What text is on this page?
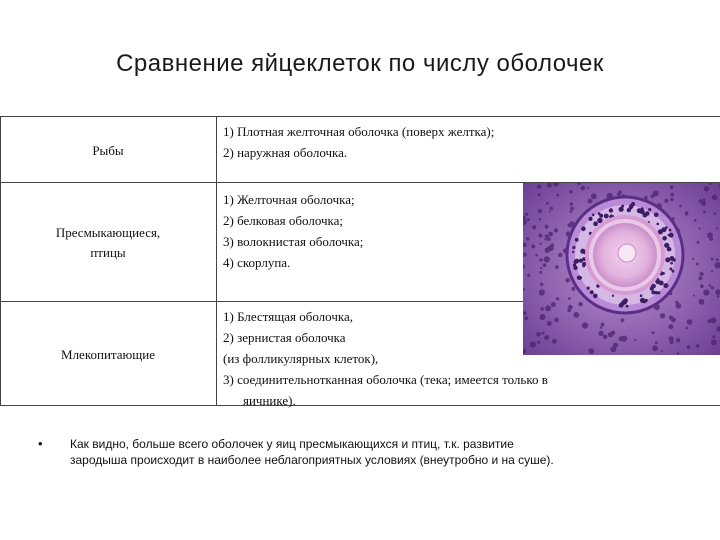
Сравнение яйцеклеток по числу оболочек
Рыбы
1) Плотная желточная оболочка (поверх желтка);
2) наружная оболочка.
Пресмыкающиеся,
птицы
1) Желточная оболочка;
2) белковая оболочка;
3) волокнистая оболочка;
4) скорлупа.
Млекопитающие
1) Блестящая оболочка,
2) зернистая оболочка
(из фолликулярных клеток),
3) соединительнотканная оболочка (тека; имеется только в
яичнике).
• Как видно, больше всего оболочек у яиц пресмыкающихся и птиц, т.к. развитие
зародыша происходит в наиболее неблагоприятных условиях (внеутробно и на суше).
